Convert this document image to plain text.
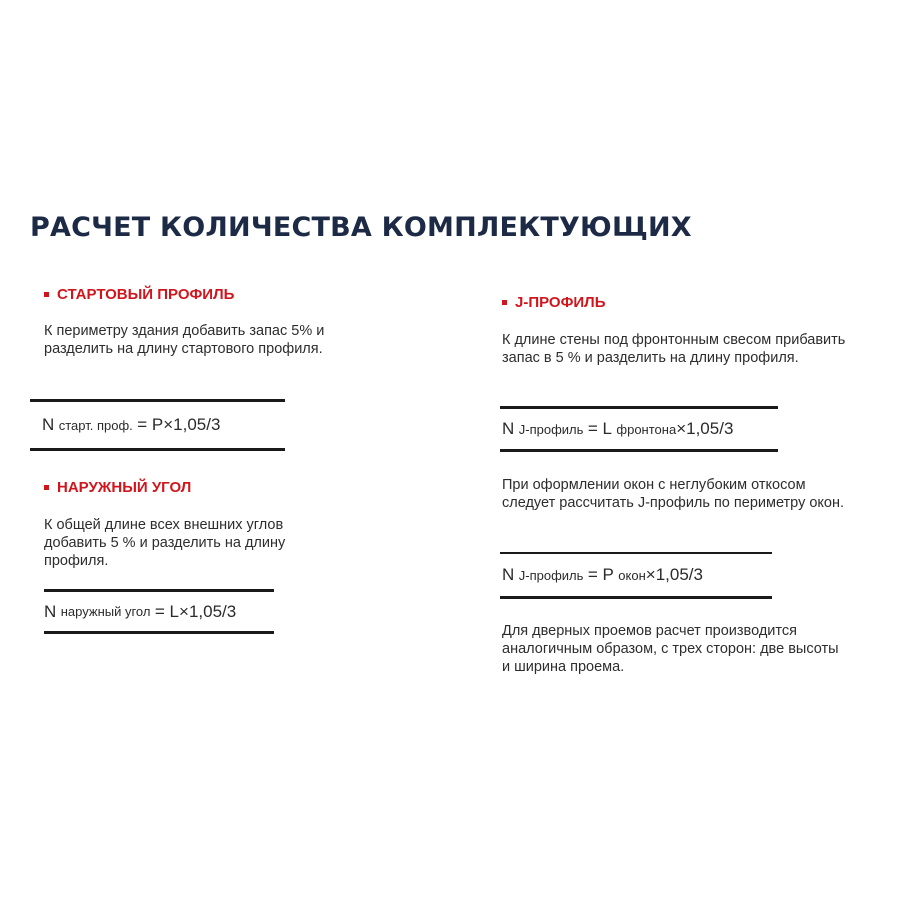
РАСЧЕТ КОЛИЧЕСТВА КОМПЛЕКТУЮЩИХ
СТАРТОВЫЙ ПРОФИЛЬ

К периметру здания добавить запас 5% и разделить на длину стартового профиля.

N
старт. проф.
= P×1,05/3
НАРУЖНЫЙ УГОЛ

К общей длине всех внешних углов добавить 5 % и разделить на длину профиля.

N
наружный угол
= L×1,05/3
J-ПРОФИЛЬ

К длине стены под фронтонным свесом прибавить запас в 5 % и разделить на длину профиля.

N
J-профиль
= L
фронтона ×1,05/3

При оформлении окон с неглубоким откосом следует рассчитать J-профиль по периметру окон.

N
J-профиль
= P
окон ×1,05/3

Для дверных проемов расчет производится аналогичным образом, с трех сторон: две высоты и ширина проема.
